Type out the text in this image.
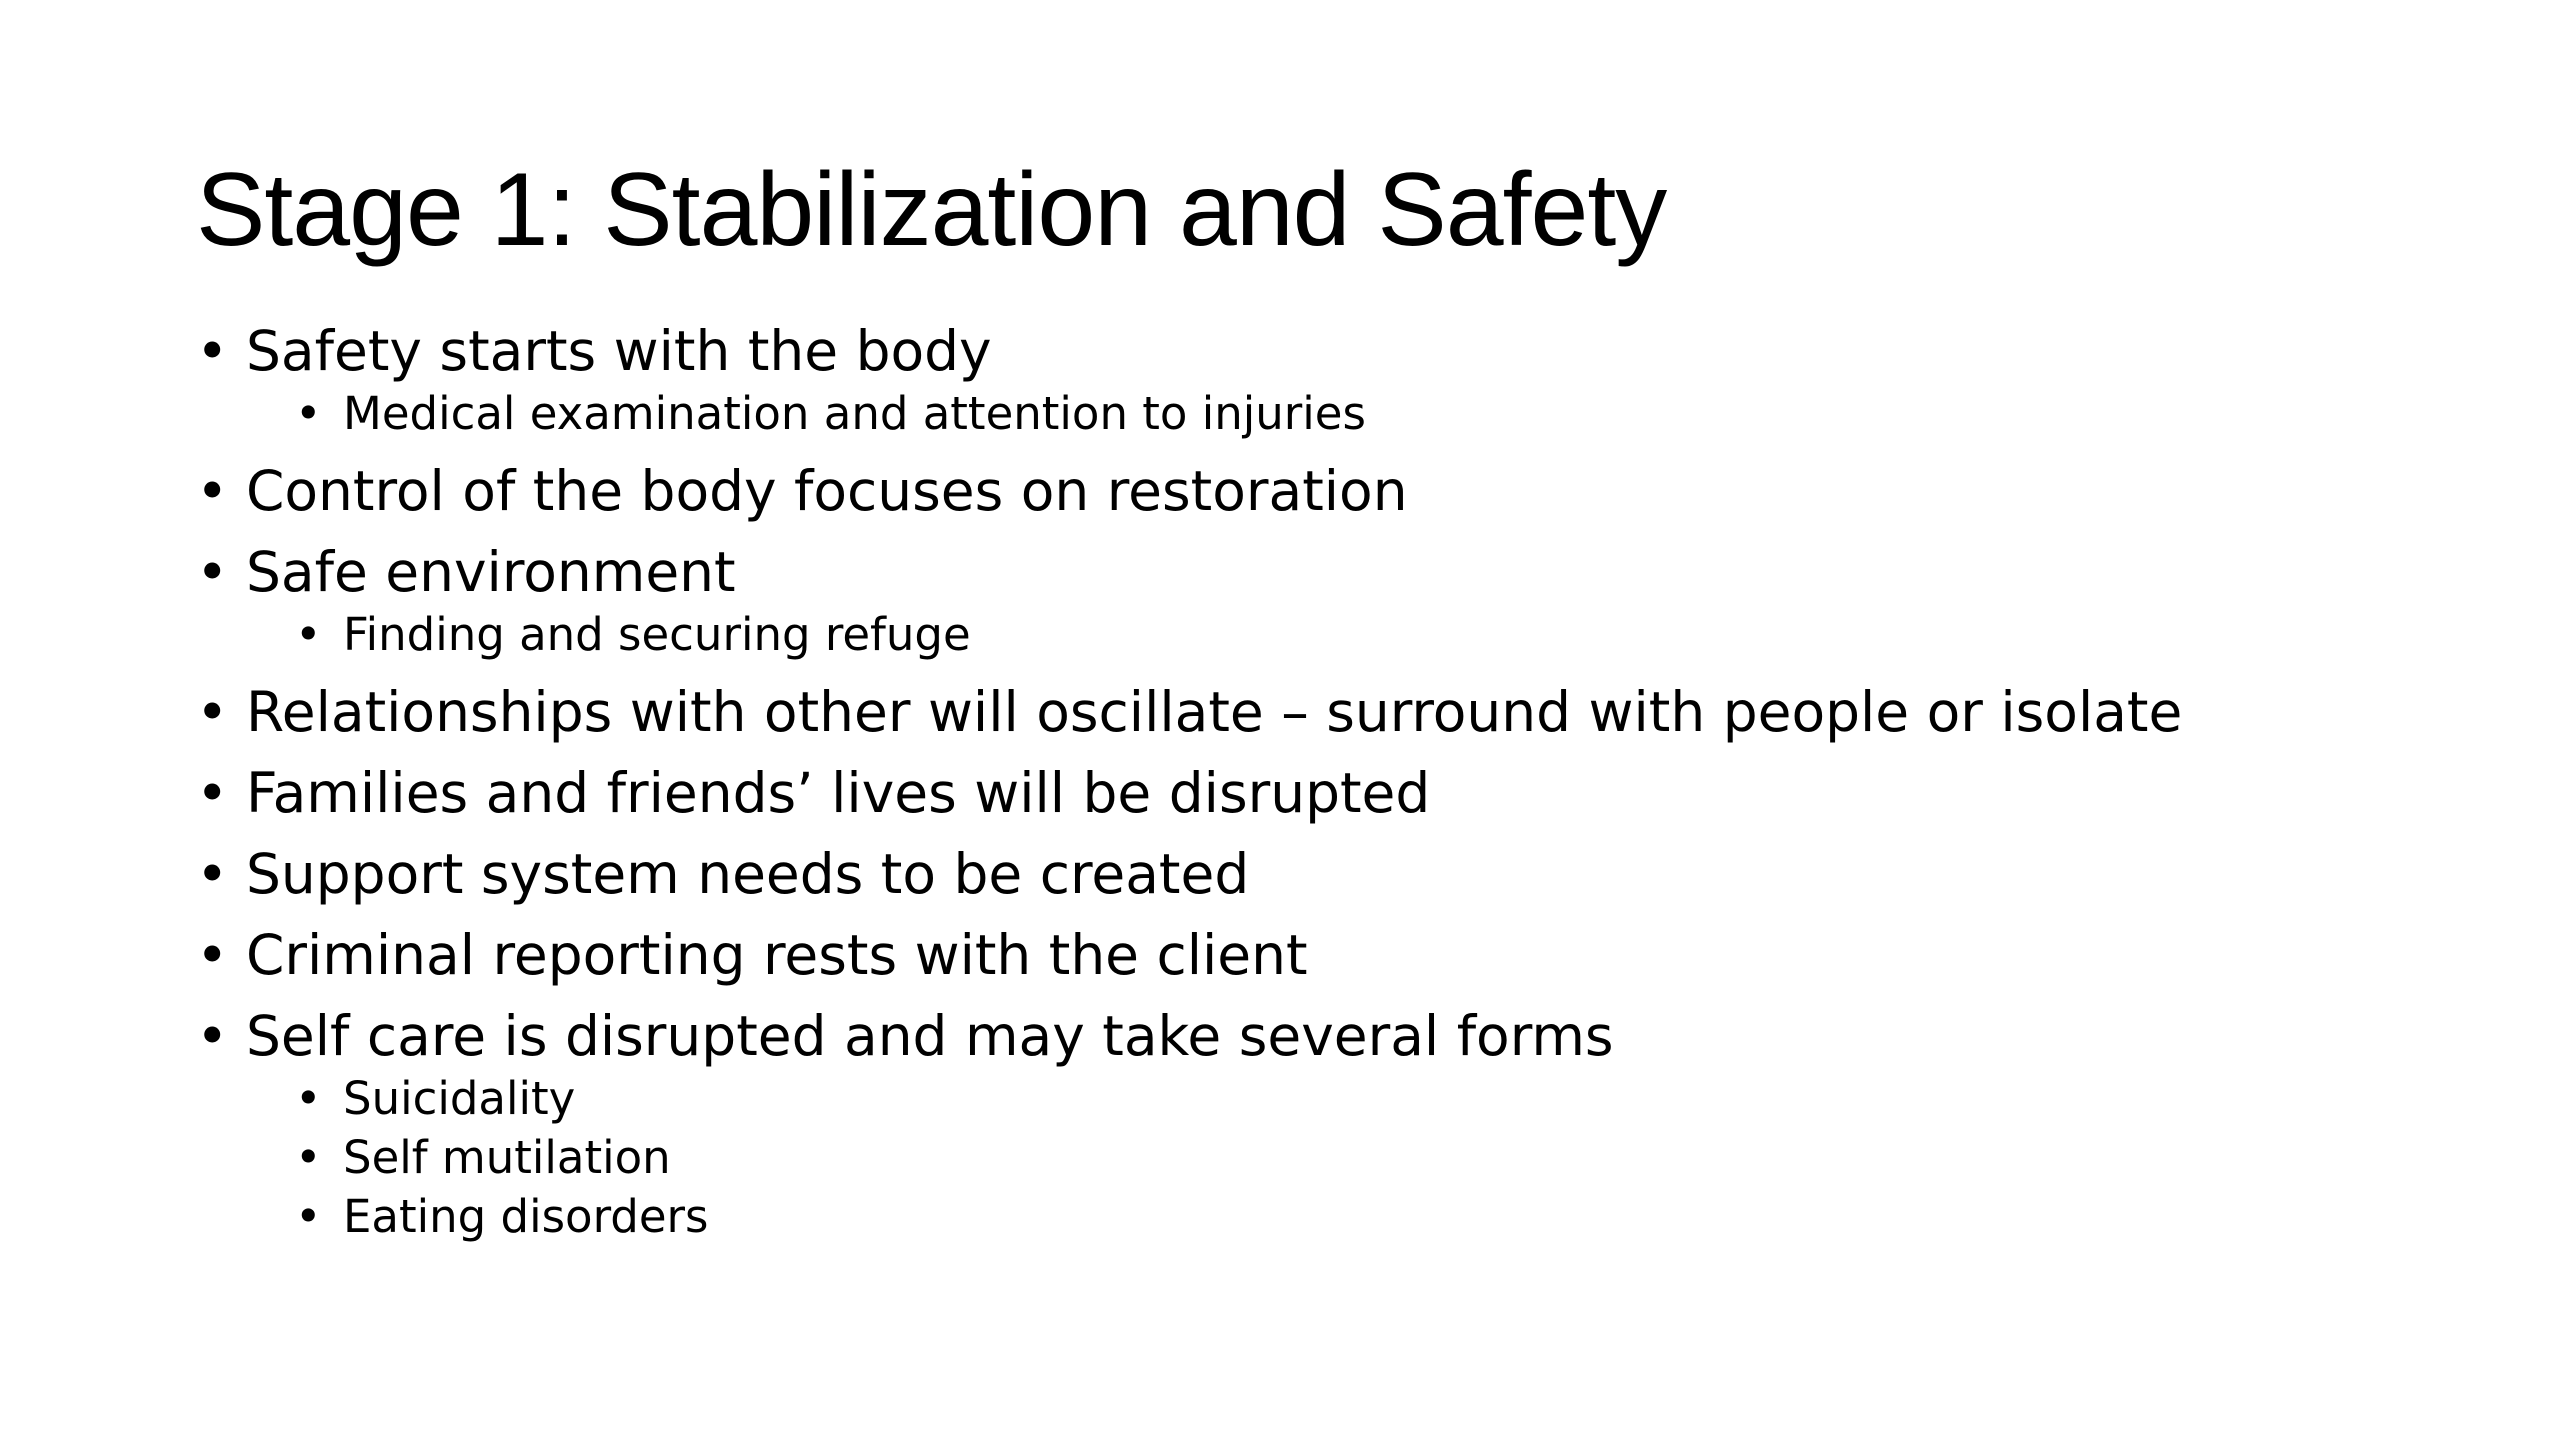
Stage 1: Stabilization and Safety
• Safety starts with the body
• Medical examination and attention to injuries
• Control of the body focuses on restoration
• Safe environment
• Finding and securing refuge
• Relationships with other will oscillate – surround with people or isolate
• Families and friends’ lives will be disrupted
• Support system needs to be created
• Criminal reporting rests with the client
• Self care is disrupted and may take several forms
• Suicidality
• Self mutilation
• Eating disorders
